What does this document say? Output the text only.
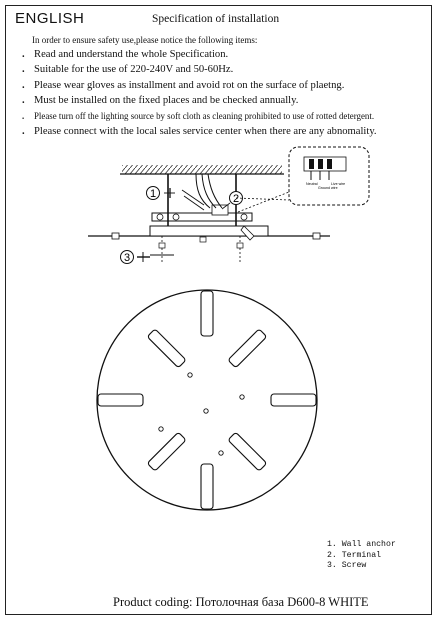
ENGLISH	Specification of installation
In order to ensure safety use,please notice the following items:
. Read and understand the whole Specification.
. Suitable for the use of 220-240V and 50-60Hz.
. Please wear gloves as installment and avoid rot on the surface of plaetng.
. Must be installed on the fixed places and be checked annually.
. Please turn off the lighting source by soft cloth as cleaning prohibited to use of rotted detergent.
. Please connect with the local sales service center when there are any abnomality.
1	2
3
Neutral
Ground wire
Live wire
1. Wall anchor
2. Terminal
3. Screw
Product coding: Потолочная база D600-8 WHITE
